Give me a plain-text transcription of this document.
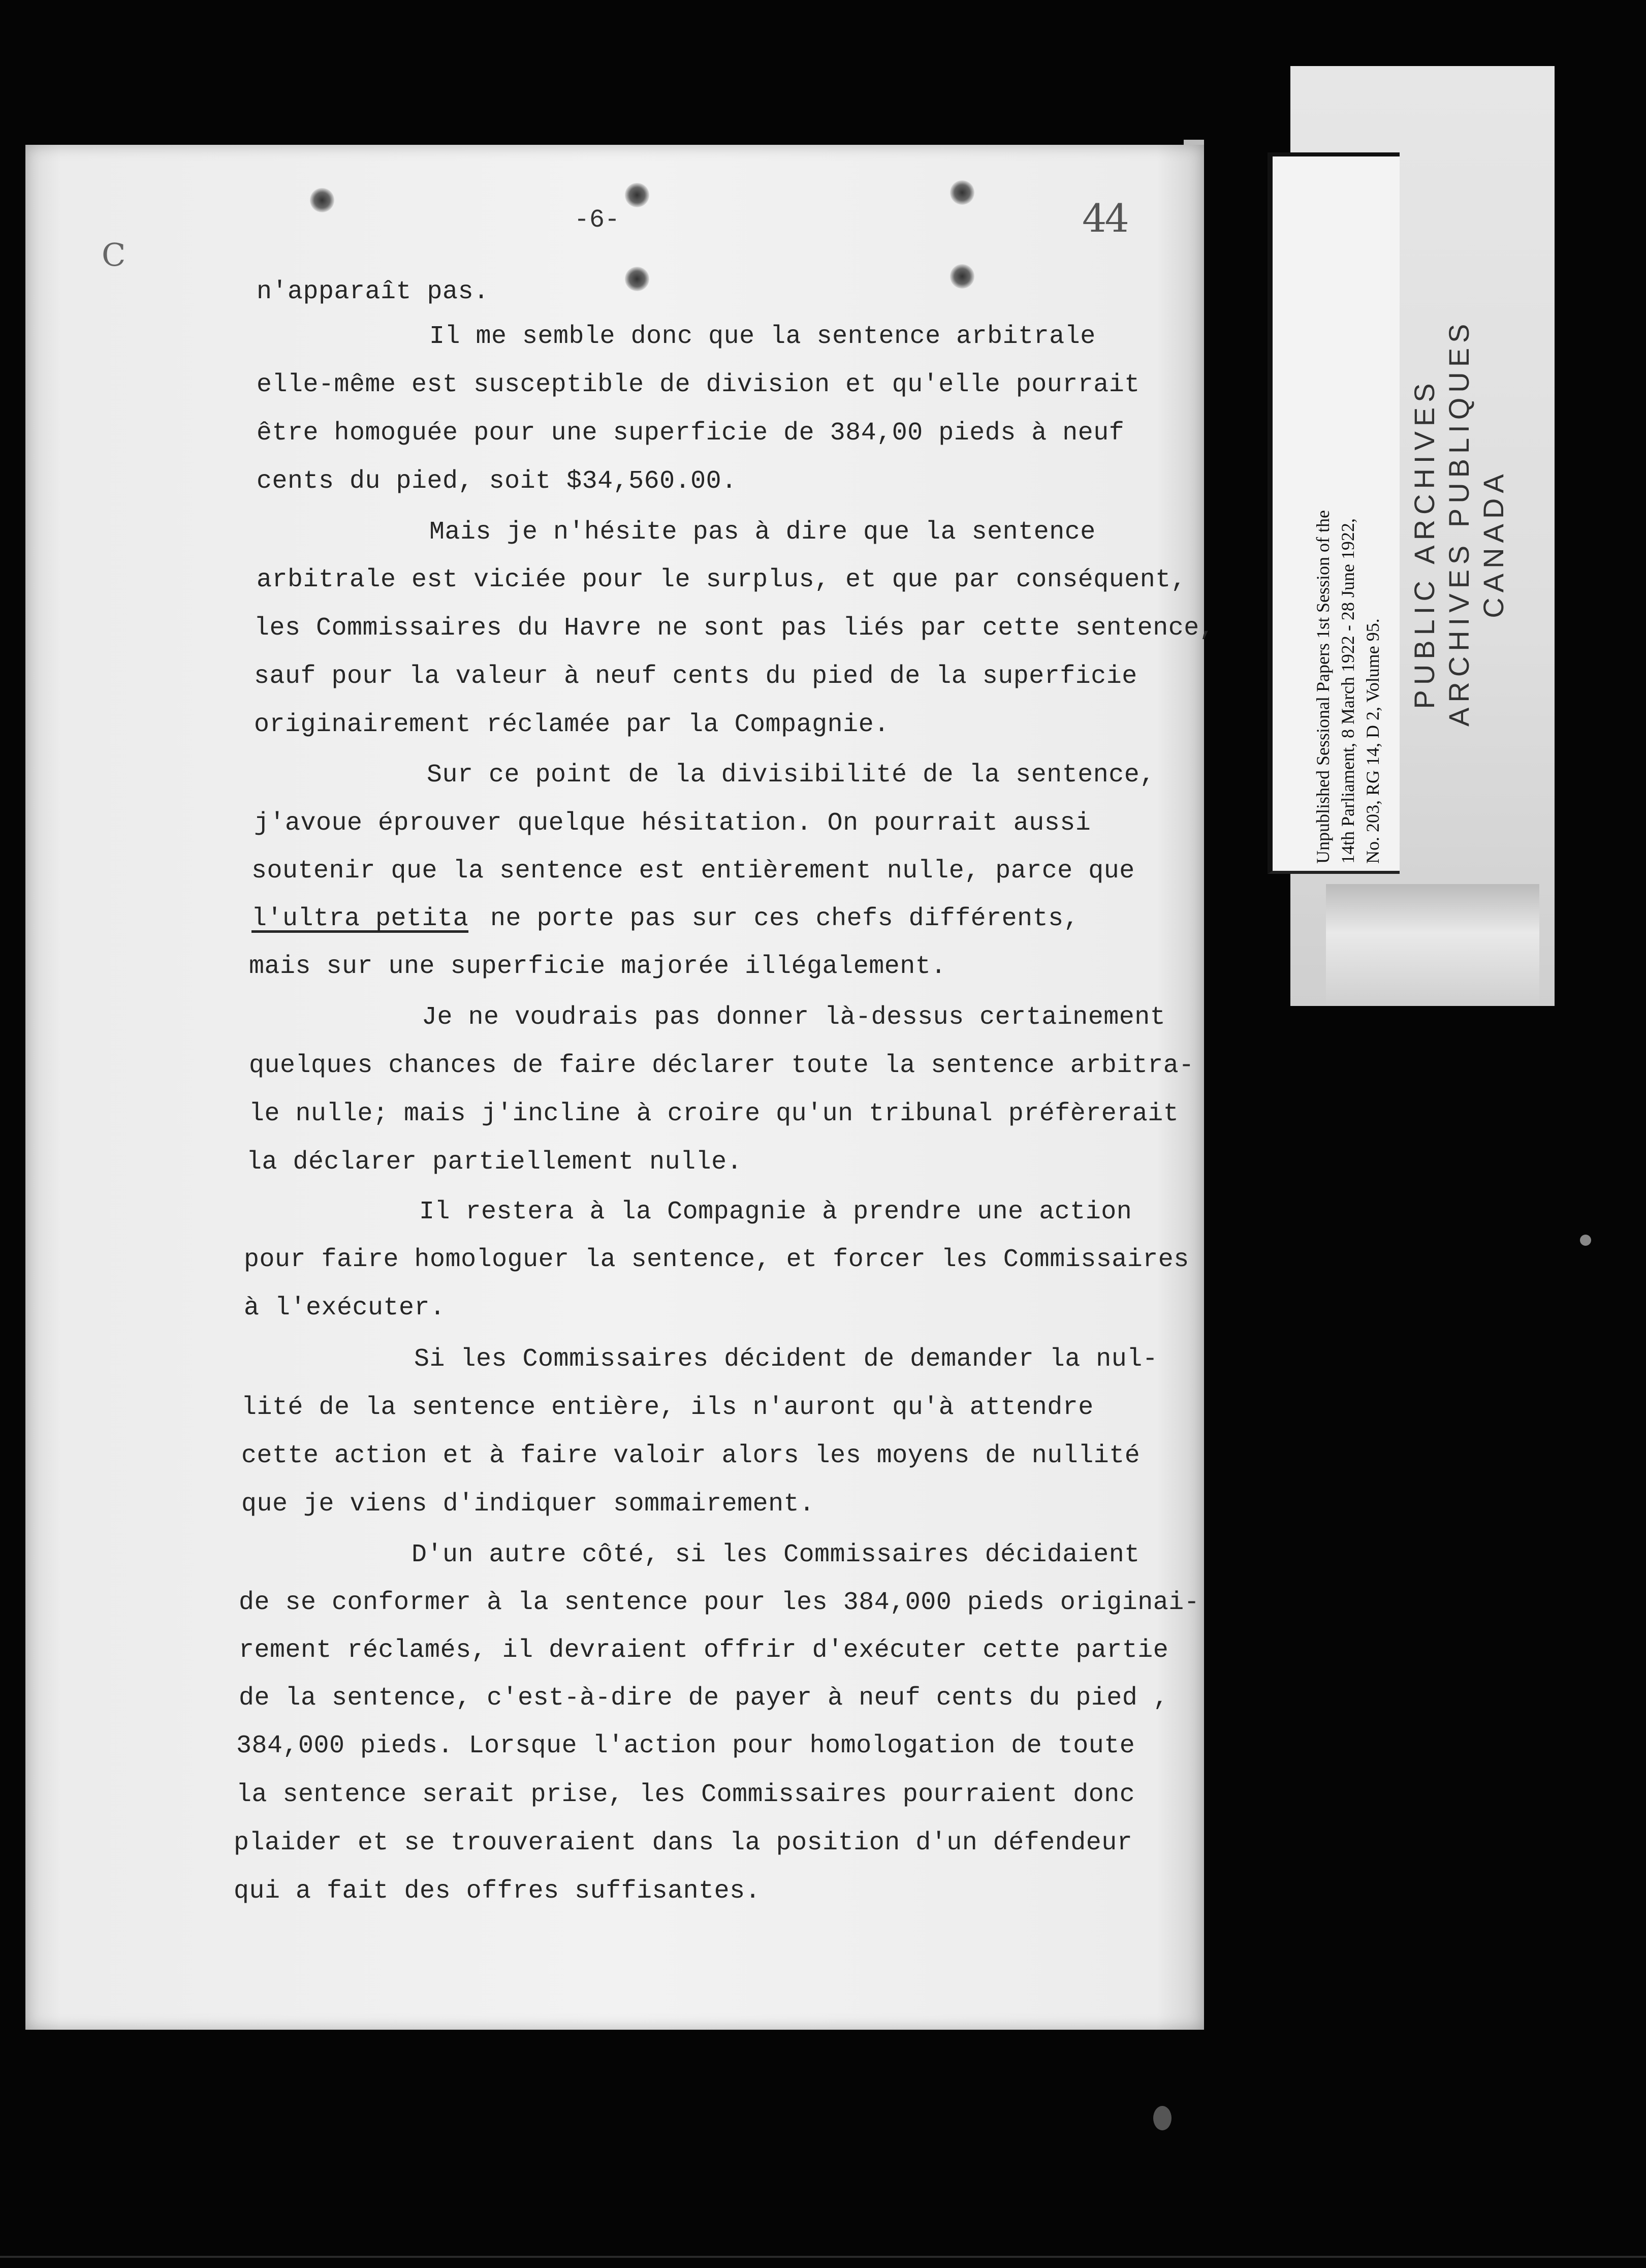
C
-6-	44
n'apparaît pas.
Il me semble donc que la sentence arbitrale
elle-même est susceptible de division et qu'elle pourrait
être homoguée pour une superficie de 384,00 pieds à neuf
cents du pied, soit $34,560.00.
Mais je n'hésite pas à dire que la sentence
arbitrale est viciée pour le surplus, et que par conséquent,
les Commissaires du Havre ne sont pas liés par cette sentence,
sauf pour la valeur à neuf cents du pied de la superficie
originairement réclamée par la Compagnie.
Sur ce point de la divisibilité de la sentence,
j'avoue éprouver quelque hésitation. On pourrait aussi
soutenir que la sentence est entièrement nulle, parce que
l'ultra petita ne porte pas sur ces chefs différents,
mais sur une superficie majorée illégalement.
Je ne voudrais pas donner là-dessus certainement
quelques chances de faire déclarer toute la sentence arbitra-
le nulle; mais j'incline à croire qu'un tribunal préfèrerait
la déclarer partiellement nulle.
Il restera à la Compagnie à prendre une action
pour faire homologuer la sentence, et forcer les Commissaires
à l'exécuter.
Si les Commissaires décident de demander la nul-
lité de la sentence entière, ils n'auront qu'à attendre
cette action et à faire valoir alors les moyens de nullité
que je viens d'indiquer sommairement.
D'un autre côté, si les Commissaires décidaient
de se conformer à la sentence pour les 384,000 pieds originai-
rement réclamés, il devraient offrir d'exécuter cette partie
de la sentence, c'est-à-dire de payer à neuf cents du pied ,
384,000 pieds. Lorsque l'action pour homologation de toute
la sentence serait prise, les Commissaires pourraient donc
plaider et se trouveraient dans la position d'un défendeur
qui a fait des offres suffisantes.
Unpublished Sessional Papers 1st Session of the 14th Parliament, 8 March 1922 - 28 June 1922, No. 203, RG 14, D 2, Volume 95.
PUBLIC ARCHIVES ARCHIVES PUBLIQUES CANADA
